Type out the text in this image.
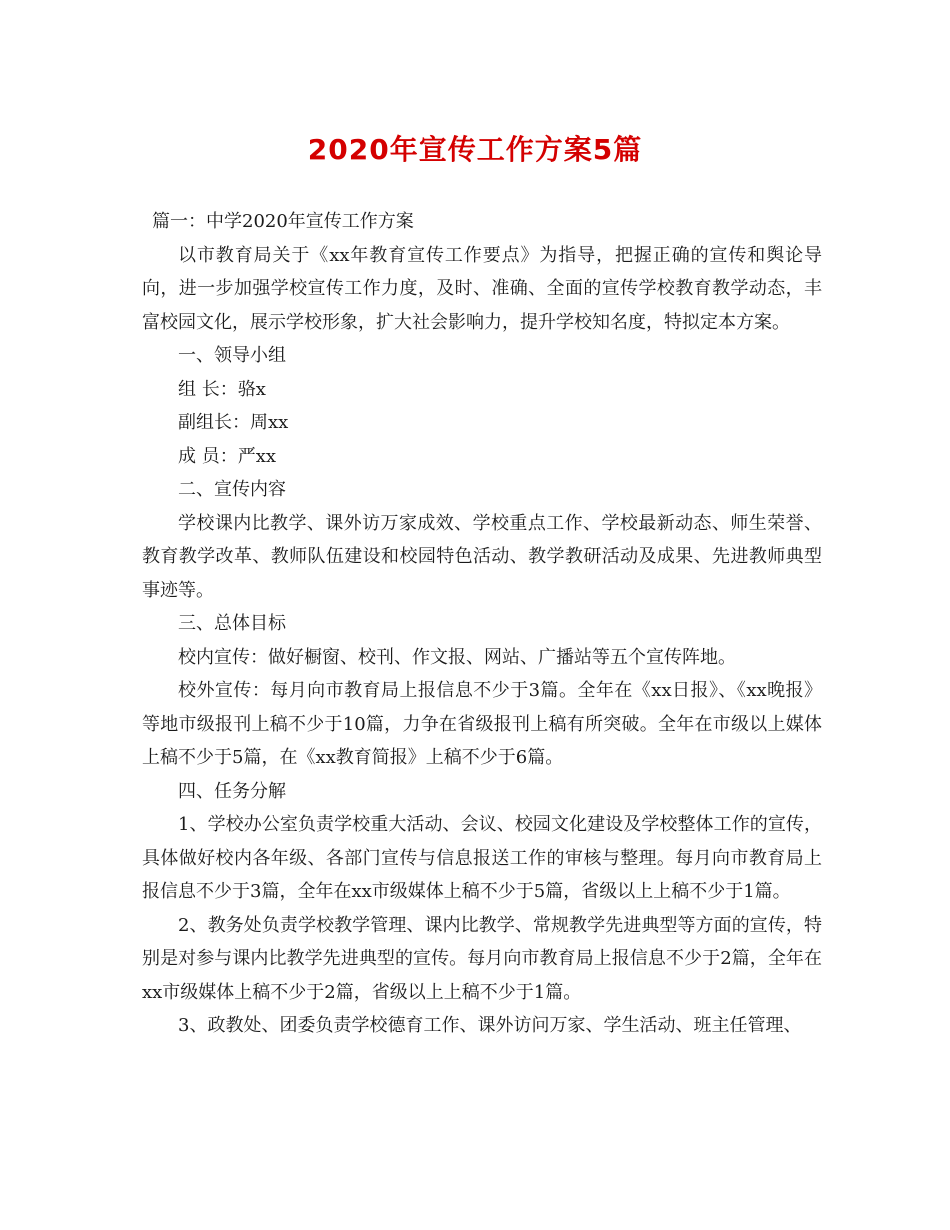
2020年宣传工作方案5篇

篇一：中学2020年宣传工作方案

以市教育局关于《xx年教育宣传工作要点》为指导，把握正确的宣传和舆论导向，进一步加强学校宣传工作力度，及时、准确、全面的宣传学校教育教学动态，丰富校园文化，展示学校形象，扩大社会影响力，提升学校知名度，特拟定本方案。

一、领导小组

组 长：骆x

副组长：周xx

成 员：严xx

二、宣传内容

学校课内比教学、课外访万家成效、学校重点工作、学校最新动态、师生荣誉、教育教学改革、教师队伍建设和校园特色活动、教学教研活动及成果、先进教师典型事迹等。

三、总体目标

校内宣传：做好橱窗、校刊、作文报、网站、广播站等五个宣传阵地。

校外宣传：每月向市教育局上报信息不少于3篇。全年在《xx日报》、《xx晚报》等地市级报刊上稿不少于10篇，力争在省级报刊上稿有所突破。全年在市级以上媒体上稿不少于5篇，在《xx教育简报》上稿不少于6篇。

四、任务分解

1、学校办公室负责学校重大活动、会议、校园文化建设及学校整体工作的宣传，具体做好校内各年级、各部门宣传与信息报送工作的审核与整理。每月向市教育局上报信息不少于3篇，全年在xx市级媒体上稿不少于5篇，省级以上上稿不少于1篇。

2、教务处负责学校教学管理、课内比教学、常规教学先进典型等方面的宣传，特别是对参与课内比教学先进典型的宣传。每月向市教育局上报信息不少于2篇，全年在xx市级媒体上稿不少于2篇，省级以上上稿不少于1篇。

3、政教处、团委负责学校德育工作、课外访问万家、学生活动、班主任管理、
